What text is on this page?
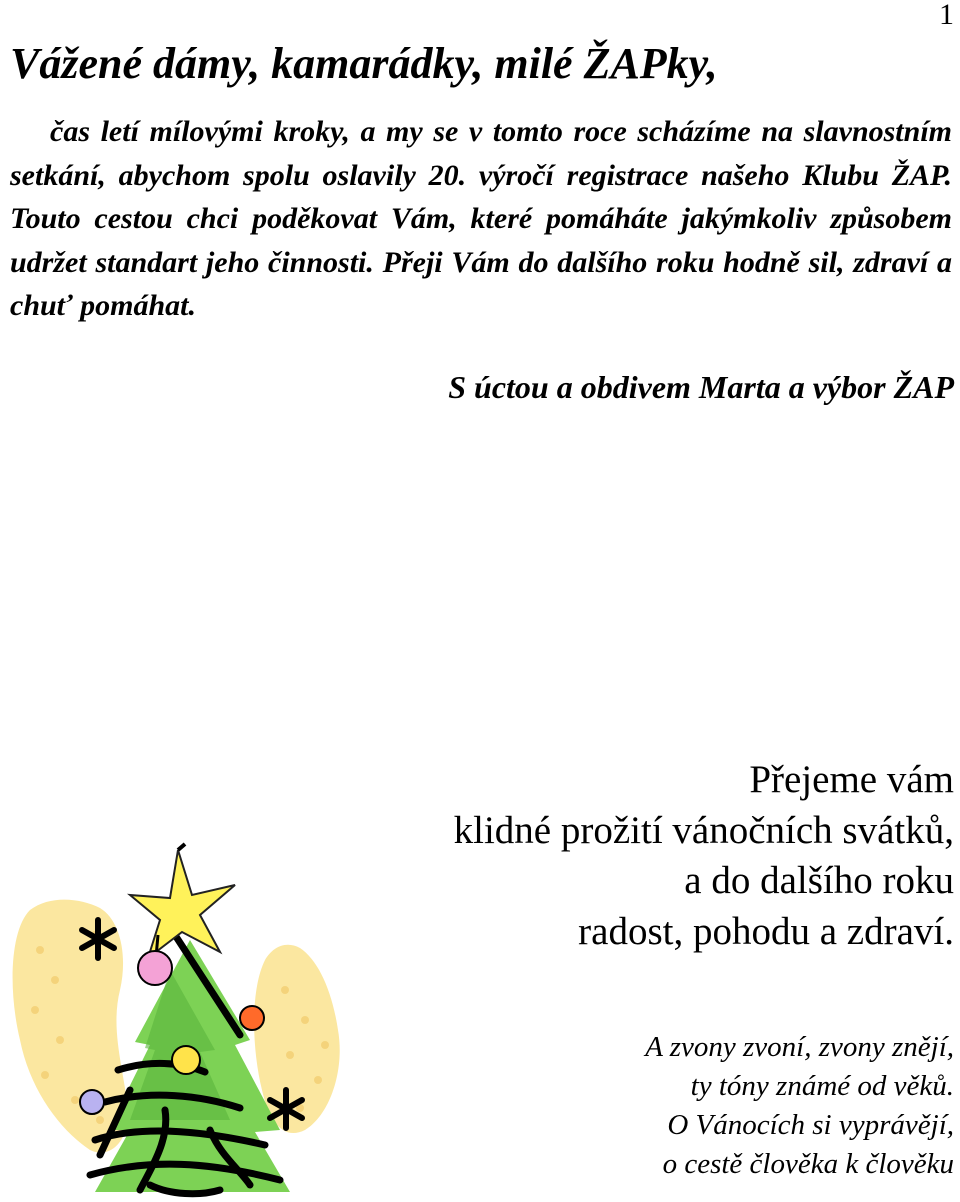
1

Vážené dámy, kamarádky, milé ŽAPky,

čas letí mílovými kroky, a my se v tomto roce scházíme na slavnostním setkání, abychom spolu oslavily 20. výročí registrace našeho Klubu ŽAP. Touto cestou chci poděkovat Vám, které pomáháte jakýmkoliv způsobem udržet standart jeho činnosti. Přeji Vám do dalšího roku hodně sil, zdraví a chuť pomáhat.

S úctou a obdivem Marta a výbor ŽAP

Přejeme vám
klidné prožití vánočních svátků,
a do dalšího roku
radost, pohodu a zdraví.
A zvony zvoní, zvony znějí,
ty tóny známé od věků.
O Vánocích si vyprávějí,
o cestě člověka k člověku
